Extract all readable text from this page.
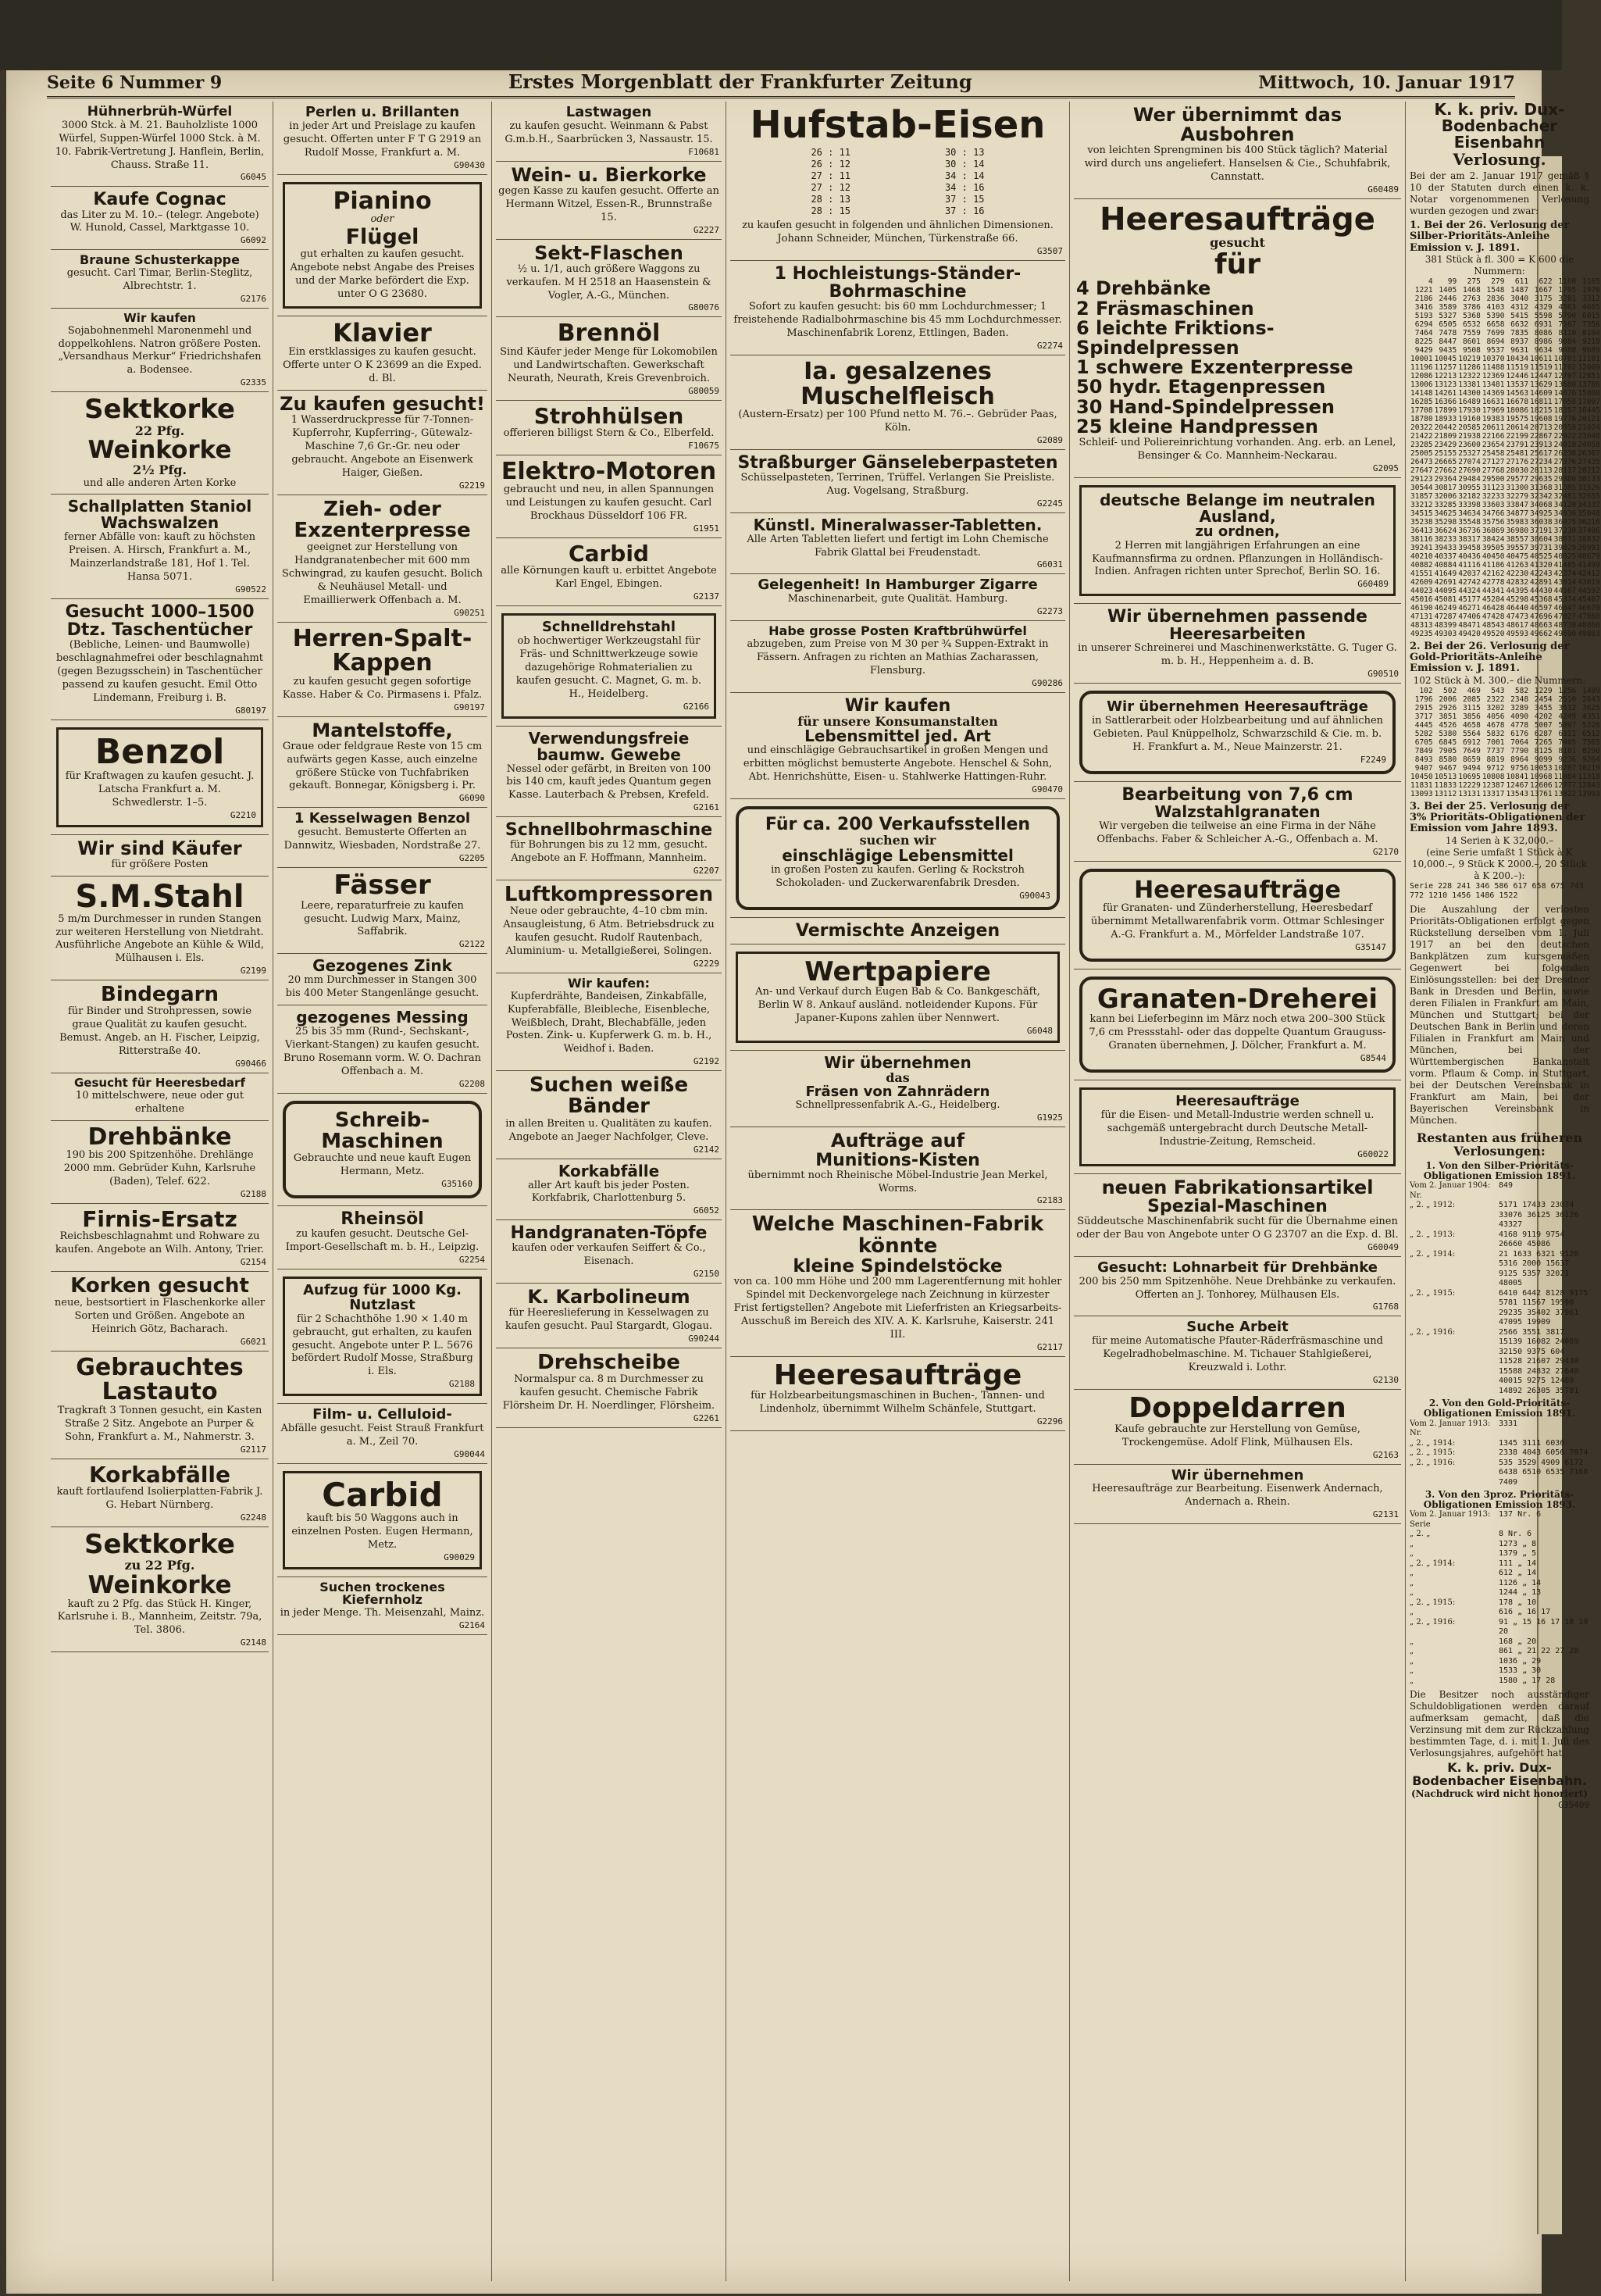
Seite 6 Nummer 9	Erstes Morgenblatt der Frankfurter Zeitung	Mittwoch, 10. Januar 1917
Hühnerbrüh-Würfel
3000 Stck. à M. 21. Bauholzliste 1000 Würfel, Suppen-Würfel 1000 Stck. à M. 10. Fabrik-Vertretung J. Hanflein, Berlin, Chauss. Straße 11.
G6045
Kaufe Cognac
das Liter zu M. 10.– (telegr. Angebote) W. Hunold, Cassel, Marktgasse 10.
G6092
Braune Schusterkappe
gesucht. Carl Timar, Berlin-Steglitz, Albrechtstr. 1.
G2176
Wir kaufen
Sojabohnenmehl Maronenmehl und doppelkohlens. Natron größere Posten. „Versandhaus Merkur“ Friedrichshafen a. Bodensee.
G2335
Sektkorke
22 Pfg.
Weinkorke
2½ Pfg.
und alle anderen Arten Korke
Schallplatten Staniol Wachswalzen
ferner Abfälle von: kauft zu höchsten Preisen. A. Hirsch, Frankfurt a. M., Mainzerlandstraße 181, Hof 1. Tel. Hansa 5071.
G90522
Gesucht 1000–1500 Dtz. Taschentücher
(Bebliche, Leinen- und Baumwolle) beschlagnahmefrei oder beschlagnahmt (gegen Bezugsschein) in Taschentücher passend zu kaufen gesucht. Emil Otto Lindemann, Freiburg i. B.
G80197
Benzol
für Kraftwagen zu kaufen gesucht. J. Latscha Frankfurt a. M. Schwedlerstr. 1–5.
G2210
Wir sind Käufer
für größere Posten
S.M.Stahl
5 m/m Durchmesser in runden Stangen zur weiteren Herstellung von Nietdraht. Ausführliche Angebote an Kühle & Wild, Mülhausen i. Els.
G2199
Bindegarn
für Binder und Strohpressen, sowie graue Qualität zu kaufen gesucht. Bemust. Angeb. an H. Fischer, Leipzig, Ritterstraße 40.
G90466
Gesucht für Heeresbedarf
10 mittelschwere, neue oder gut erhaltene
Drehbänke
190 bis 200 Spitzenhöhe. Drehlänge 2000 mm. Gebrüder Kuhn, Karlsruhe (Baden), Telef. 622.
G2188
Firnis-Ersatz
Reichsbeschlagnahmt und Rohware zu kaufen. Angebote an Wilh. Antony, Trier.
G2154
Korken gesucht
neue, bestsortiert in Flaschenkorke aller Sorten und Größen. Angebote an Heinrich Götz, Bacharach.
G6021
Gebrauchtes Lastauto
Tragkraft 3 Tonnen gesucht, ein Kasten Straße 2 Sitz. Angebote an Purper & Sohn, Frankfurt a. M., Nahmerstr. 3.
G2117
Korkabfälle
kauft fortlaufend Isolierplatten-Fabrik J. G. Hebart Nürnberg.
G2248
Sektkorke
zu 22 Pfg.
Weinkorke
kauft zu 2 Pfg. das Stück H. Kinger, Karlsruhe i. B., Mannheim, Zeitstr. 79a, Tel. 3806.
G2148
Perlen u. Brillanten
in jeder Art und Preislage zu kaufen gesucht. Offerten unter F T G 2919 an Rudolf Mosse, Frankfurt a. M.
G90430
Pianino
oder
Flügel
gut erhalten zu kaufen gesucht. Angebote nebst Angabe des Preises und der Marke befördert die Exp. unter O G 23680.
Klavier
Ein erstklassiges zu kaufen gesucht. Offerte unter O K 23699 an die Exped. d. Bl.
Zu kaufen gesucht!
1 Wasserdruckpresse für 7-Tonnen-Kupferrohr, Kupferring-, Gütewalz-Maschine 7,6 Gr.-Gr. neu oder gebraucht. Angebote an Eisenwerk Haiger, Gießen.
G2219
Zieh- oder Exzenterpresse
geeignet zur Herstellung von Handgranatenbecher mit 600 mm Schwingrad, zu kaufen gesucht. Bolich & Neuhäusel Metall- und Emaillierwerk Offenbach a. M.
G90251
Herren-Spalt-Kappen
zu kaufen gesucht gegen sofortige Kasse. Haber & Co. Pirmasens i. Pfalz.
G90197
Mantelstoffe,
Graue oder feldgraue Reste von 15 cm aufwärts gegen Kasse, auch einzelne größere Stücke von Tuchfabriken gekauft. Bonnegar, Königsberg i. Pr.
G6090
1 Kesselwagen Benzol
gesucht. Bemusterte Offerten an Dannwitz, Wiesbaden, Nordstraße 27.
G2205
Fässer
Leere, reparaturfreie zu kaufen gesucht. Ludwig Marx, Mainz, Saffabrik.
G2122
Gezogenes Zink
20 mm Durchmesser in Stangen 300 bis 400 Meter Stangenlänge gesucht.
gezogenes Messing
25 bis 35 mm (Rund-, Sechskant-, Vierkant-Stangen) zu kaufen gesucht. Bruno Rosemann vorm. W. O. Dachran Offenbach a. M.
G2208
Schreib-Maschinen
Gebrauchte und neue kauft Eugen Hermann, Metz.
G35160
Rheinsöl
zu kaufen gesucht. Deutsche Gel-Import-Gesellschaft m. b. H., Leipzig.
G2254
Aufzug für 1000 Kg. Nutzlast
für 2 Schachthöhe 1.90 × 1.40 m gebraucht, gut erhalten, zu kaufen gesucht. Angebote unter P. L. 5676 befördert Rudolf Mosse, Straßburg i. Els.
G2188
Film- u. Celluloid-
Abfälle gesucht. Feist Strauß Frankfurt a. M., Zeil 70.
G90044
Carbid
kauft bis 50 Waggons auch in einzelnen Posten. Eugen Hermann, Metz.
G90029
Suchen trockenes Kiefernholz
in jeder Menge. Th. Meisenzahl, Mainz.
G2164
Lastwagen
zu kaufen gesucht. Weinmann & Pabst G.m.b.H., Saarbrücken 3, Nassaustr. 15.
F10681
Wein- u. Bierkorke
gegen Kasse zu kaufen gesucht. Offerte an Hermann Witzel, Essen-R., Brunnstraße 15.
G2227
Sekt-Flaschen
½ u. 1/1, auch größere Waggons zu verkaufen. M H 2518 an Haasenstein & Vogler, A.-G., München.
G80076
Brennöl
Sind Käufer jeder Menge für Lokomobilen und Landwirtschaften. Gewerkschaft Neurath, Neurath, Kreis Grevenbroich.
G80059
Strohhülsen
offerieren billigst Stern & Co., Elberfeld.
F10675
Elektro-Motoren
gebraucht und neu, in allen Spannungen und Leistungen zu kaufen gesucht. Carl Brockhaus Düsseldorf 106 FR.
G1951
Carbid
alle Körnungen kauft u. erbittet Angebote Karl Engel, Ebingen.
G2137
Schnelldrehstahl
ob hochwertiger Werkzeugstahl für Fräs- und Schnittwerkzeuge sowie dazugehörige Rohmaterialien zu kaufen gesucht. C. Magnet, G. m. b. H., Heidelberg.
G2166
Verwendungsfreie baumw. Gewebe
Nessel oder gefärbt, in Breiten von 100 bis 140 cm, kauft jedes Quantum gegen Kasse. Lauterbach & Prebsen, Krefeld.
G2161
Schnellbohrmaschine
für Bohrungen bis zu 12 mm, gesucht. Angebote an F. Hoffmann, Mannheim.
G2207
Luftkompressoren
Neue oder gebrauchte, 4–10 cbm min. Ansaugleistung, 6 Atm. Betriebsdruck zu kaufen gesucht. Rudolf Rautenbach, Aluminium- u. Metallgießerei, Solingen.
G2229
Wir kaufen:
Kupferdrähte, Bandeisen, Zinkabfälle, Kupferabfälle, Bleibleche, Eisenbleche, Weißblech, Draht, Blechabfälle, jeden Posten. Zink- u. Kupferwerk G. m. b. H., Weidhof i. Baden.
G2192
Suchen weiße Bänder
in allen Breiten u. Qualitäten zu kaufen. Angebote an Jaeger Nachfolger, Cleve.
G2142
Korkabfälle
aller Art kauft bis jeder Posten. Korkfabrik, Charlottenburg 5.
G6052
Handgranaten-Töpfe
kaufen oder verkaufen Seiffert & Co., Eisenach.
G2150
K. Karbolineum
für Heereslieferung in Kesselwagen zu kaufen gesucht. Paul Stargardt, Glogau.
G90244
Drehscheibe
Normalspur ca. 8 m Durchmesser zu kaufen gesucht. Chemische Fabrik Flörsheim Dr. H. Noerdlinger, Flörsheim.
G2261
Hufstab-Eisen
26 : 11	30 : 13
26 : 12	30 : 14
27 : 11	34 : 14
27 : 12	34 : 16
28 : 13	37 : 15
28 : 15	37 : 16
zu kaufen gesucht in folgenden und ähnlichen Dimensionen. Johann Schneider, München, Türkenstraße 66.
G3507
1 Hochleistungs-Ständer-Bohrmaschine
Sofort zu kaufen gesucht: bis 60 mm Lochdurchmesser; 1 freistehende Radialbohrmaschine bis 45 mm Lochdurchmesser. Maschinenfabrik Lorenz, Ettlingen, Baden.
G2274
Ia. gesalzenes Muschelfleisch
(Austern-Ersatz) per 100 Pfund netto M. 76.–. Gebrüder Paas, Köln.
G2089
Straßburger Gänseleberpasteten
Schüsselpasteten, Terrinen, Trüffel. Verlangen Sie Preisliste. Aug. Vogelsang, Straßburg.
G2245
Künstl. Mineralwasser-Tabletten.
Alle Arten Tabletten liefert und fertigt im Lohn Chemische Fabrik Glattal bei Freudenstadt.
G6031
Gelegenheit! In Hamburger Zigarre
Maschinenarbeit, gute Qualität. Hamburg.
G2273
Habe grosse Posten Kraftbrühwürfel
abzugeben, zum Preise von M 30 per ¾ Suppen-Extrakt in Fässern. Anfragen zu richten an Mathias Zacharassen, Flensburg.
G90286
Wir kaufen
für unsere Konsumanstalten
Lebensmittel jed. Art
und einschlägige Gebrauchsartikel in großen Mengen und erbitten möglichst bemusterte Angebote. Henschel & Sohn, Abt. Henrichshütte, Eisen- u. Stahlwerke Hattingen-Ruhr.
G90470
Für ca. 200 Verkaufsstellen
suchen wir
einschlägige Lebensmittel
in großen Posten zu kaufen. Gerling & Rockstroh Schokoladen- und Zuckerwarenfabrik Dresden.
G90043
Vermischte Anzeigen
Wertpapiere
An- und Verkauf durch Eugen Bab & Co. Bankgeschäft, Berlin W 8. Ankauf ausländ. notleidender Kupons. Für Japaner-Kupons zahlen über Nennwert.
G6048
Wir übernehmen
das
Fräsen von Zahnrädern
Schnellpressenfabrik A.-G., Heidelberg.
G1925
Aufträge auf
Munitions-Kisten
übernimmt noch Rheinische Möbel-Industrie Jean Merkel, Worms.
G2183
Welche Maschinen-Fabrik könnte
kleine Spindelstöcke
von ca. 100 mm Höhe und 200 mm Lagerentfernung mit hohler Spindel mit Deckenvorgelege nach Zeichnung in kürzester Frist fertigstellen? Angebote mit Lieferfristen an Kriegsarbeits-Ausschuß im Bereich des XIV. A. K. Karlsruhe, Kaiserstr. 241 III.
G2117
Heeresaufträge
für Holzbearbeitungsmaschinen in Buchen-, Tannen- und Lindenholz, übernimmt Wilhelm Schänfele, Stuttgart.
G2296
Wer übernimmt das Ausbohren
von leichten Sprengminen bis 400 Stück täglich? Material wird durch uns angeliefert. Hanselsen & Cie., Schuhfabrik, Cannstatt.
G60489
Heeresaufträge
gesucht
für
4 Drehbänke
2 Fräsmaschinen
6 leichte Friktions-Spindelpressen
1 schwere Exzenterpresse
50 hydr. Etagenpressen
30 Hand-Spindelpressen
25 kleine Handpressen
Schleif- und Poliereinrichtung vorhanden. Ang. erb. an Lenel, Bensinger & Co. Mannheim-Neckarau.
G2095
deutsche Belange im neutralen Ausland,
zu ordnen,
2 Herren mit langjährigen Erfahrungen an eine Kaufmannsfirma zu ordnen. Pflanzungen in Holländisch-Indien. Anfragen richten unter Sprechof, Berlin SO. 16.
G60489
Wir übernehmen passende
Heeresarbeiten
in unserer Schreinerei und Maschinenwerkstätte. G. Tuger G. m. b. H., Heppenheim a. d. B.
G90510
Wir übernehmen Heeresaufträge
in Sattlerarbeit oder Holzbearbeitung und auf ähnlichen Gebieten. Paul Knüppelholz, Schwarzschild & Cie. m. b. H. Frankfurt a. M., Neue Mainzerstr. 21.
F2249
Bearbeitung von 7,6 cm
Walzstahlgranaten
Wir vergeben die teilweise an eine Firma in der Nähe Offenbachs. Faber & Schleicher A.-G., Offenbach a. M.
G2170
Heeresaufträge
für Granaten- und Zünderherstellung, Heeresbedarf übernimmt Metallwarenfabrik vorm. Ottmar Schlesinger A.-G. Frankfurt a. M., Mörfelder Landstraße 107.
G35147
Granaten-Dreherei
kann bei Lieferbeginn im März noch etwa 200–300 Stück 7,6 cm Pressstahl- oder das doppelte Quantum Grauguss-Granaten übernehmen, J. Dölcher, Frankfurt a. M.
G8544
Heeresaufträge
für die Eisen- und Metall-Industrie werden schnell u. sachgemäß untergebracht durch Deutsche Metall-Industrie-Zeitung, Remscheid.
G60022
neuen Fabrikationsartikel
Spezial-Maschinen
Süddeutsche Maschinenfabrik sucht für die Übernahme einen oder der Bau von Angebote unter O G 23707 an die Exp. d. Bl.
G60049
Gesucht: Lohnarbeit für Drehbänke
200 bis 250 mm Spitzenhöhe. Neue Drehbänke zu verkaufen. Offerten an J. Tonhorey, Mülhausen Els.
G1768
Suche Arbeit
für meine Automatische Pfauter-Räderfräsmaschine und Kegelradhobelmaschine. M. Tichauer Stahlgießerei, Kreuzwald i. Lothr.
G2130
Doppeldarren
Kaufe gebrauchte zur Herstellung von Gemüse, Trockengemüse. Adolf Flink, Mülhausen Els.
G2163
Wir übernehmen
Heeresaufträge zur Bearbeitung. Eisenwerk Andernach, Andernach a. Rhein.
G2131
K. k. priv. Dux-Bodenbacher Eisenbahn
Verlosung.
Bei der am 2. Januar 1917 gemäß § 10 der Statuten durch einen k. k. Notar vorgenommenen Verlosung wurden gezogen und zwar:
1. Bei der 26. Verlosung der Silber-Prioritäts-Anleihe Emission v. J. 1891.
381 Stück à fl. 300 = K 600 die Nummern:
4	99	275	279	611	622	1160	1165
1221	1405	1468	1548	1487	1667	1795	1976
2186	2446	2763	2836	3040	3175	3281	3312
3416	3589	3786	4103	4312	4329	4563	4665
5193	5327	5368	5390	5415	5598	5790	6015
6294	6505	6532	6658	6632	6931	7167	7356
7464	7478	7559	7699	7835	8086	8110	8194
8225	8447	8601	8694	8937	8986	9084	9218
9429	9435	9508	9537	9631	9634	9688	9689
10001	10045	10219	10370	10434	10611	10701	11101
11196	11257	11286	11488	11519	11519	11702	12009
12086	12213	12322	12369	12446	12447	12707	12851
13006	13123	13381	13481	13537	13629	13680	13786
14148	14261	14300	14369	14563	14609	14676	15080
16285	16366	16489	16631	16678	16811	17058	17097
17708	17899	17930	17969	18086	18215	18357	18445
18780	18933	19160	19383	19575	19608	19776	20121
20322	20442	20585	20611	20614	20713	20958	21024
21422	21809	21938	22166	22199	22867	22922	23048
23285	23429	23600	23654	23791	23913	24018	24050
25005	25155	25327	25458	25481	25617	26238	26367
26473	26665	27074	27127	27176	27234	27376	27435
27647	27662	27690	27768	28030	28113	28117	28212
29123	29364	29484	29500	29577	29635	29880	30133
30544	30817	30955	31123	31300	31368	31385	31526
31857	32006	32182	32233	32279	32342	32481	32655
33212	33285	33398	33603	33847	34068	34120	34332
34515	34625	34634	34766	34877	34925	34930	35048
35238	35298	35548	35756	35983	36038	36075	36216
36413	36624	36736	36869	36980	37191	37230	37486
38116	38233	38317	38424	38557	38604	38631	38832
39241	39433	39458	39505	39557	39731	39829	39991
40210	40337	40436	40450	40475	40525	40625	40679
40882	40884	41116	41186	41263	41320	41485	41499
41551	41649	42037	42162	42230	42243	42374	42412
42609	42691	42742	42778	42832	42891	43014	43019
44023	44095	44324	44341	44395	44430	44567	44592
45016	45081	45177	45284	45298	45368	45374	45407
46190	46249	46271	46428	46440	46597	46647	46670
47131	47287	47406	47428	47473	47696	47827	47860
48313	48399	48471	48543	48617	48663	48730	48860
49235	49303	49420	49520	49593	49662	49690	49803
2. Bei der 26. Verlosung der Gold-Prioritäts-Anleihe Emission v. J. 1891.
102 Stück à M. 300.– die Nummern:
102	502	469	543	582	1229	1256	1409
1796	2006	2085	2322	2348	2454	2510	2643
2915	2926	3115	3202	3289	3455	3512	3625
3717	3851	3856	4056	4090	4202	4249	4351
4445	4526	4658	4678	4778	5007	5097	5226
5282	5380	5564	5832	6176	6287	6311	6512
6705	6845	6912	7001	7064	7265	7405	7565
7849	7905	7649	7737	7790	8125	8181	8290
8493	8580	8659	8819	8964	9099	9236	9264
9407	9467	9494	9712	9756	10053	10207	10219
10450	10513	10695	10808	10841	10968	11084	11318
11831	11833	12229	12387	12467	12606	12777	12843
13093	13112	13131	13317	13543	13761	13822	13993
3. Bei der 25. Verlosung der 3% Prioritäts-Obligationen der Emission vom Jahre 1893.
14 Serien à K 32,000.–
(eine Serie umfaßt 1 Stück à K 10,000.–, 9 Stück K 2000.–, 20 Stück à K 200.–):
Serie 228 241 346 586 617 658 675 743 772 1210 1456 1486 1522
Die Auszahlung der verlosten Prioritäts-Obligationen erfolgt gegen Rückstellung derselben vom 1. Juli 1917 an bei den deutschen Bankplätzen zum kursgemäßen Gegenwert bei folgenden Einlösungsstellen: bei der Dresdner Bank in Dresden und Berlin, sowie deren Filialen in Frankfurt am Main, München und Stuttgart; bei der Deutschen Bank in Berlin und deren Filialen in Frankfurt am Main und München, bei der Württembergischen Bankanstalt vorm. Pflaum & Comp. in Stuttgart, bei der Deutschen Vereinsbank in Frankfurt am Main, bei der Bayerischen Vereinsbank in München.
Restanten aus früheren Verlosungen:
1. Von den Silber-Prioritäts-Obligationen Emission 1891.
Vom 2. Januar 1904: Nr.
849
„ 2. „ 1912:	5171 17433 23074 33076 36125 36126 43327
„ 2. „ 1913:	4168 9119 9754 26660 45086
„ 2. „ 1914:	21 1633 6321 9128 5316 2000 15637 9125 5357 32021 48005
„ 2. „ 1915:	6410 6442 8128 9175 5781 11567 19590 29235 35402 37961 47095 19909
„ 2. „ 1916:	2566 3551 3817 15139 16082 24089 32150 9375 604 11528 21607 29430 15588 24832 27640 40015 9275 12480 14892 26305 35781
2. Von den Gold-Prioritäts-Obligationen Emission 1891.
Vom 2. Januar 1913: Nr.
3331
„ 2. „ 1914:	1345 3111 6036
„ 2. „ 1915:	2338 4043 6056 7874
„ 2. „ 1916:	535 3529 4909 6172 6438 6510 6535 7168 7409
3. Von den 3proz. Prioritäts-Obligationen Emission 1893.
Vom 2. Januar 1913: Serie
137 Nr. 6
„ 2. „	8 Nr. 6
„	1273 „ 8
„	1379 „ 5
„ 2. „ 1914:	111 „ 14
„	612 „ 14
„	1126 „ 14
„	1244 „ 13
„ 2. „ 1915:	178 „ 10
„	616 „ 16 17
„ 2. „ 1916:	91 „ 15 16 17 18 19 20
„	168 „ 20
„	861 „ 21 22 27 28
„	1036 „ 29
„	1533 „ 30
„	1580 „ 17 28
Die Besitzer noch ausständiger Schuldobligationen werden darauf aufmerksam gemacht, daß die Verzinsung mit dem zur Rückzahlung bestimmten Tage, d. i. mit 1. Juli des Verlosungsjahres, aufgehört hat.
K. k. priv. Dux-Bodenbacher Eisenbahn.
(Nachdruck wird nicht honoriert)
G35409
